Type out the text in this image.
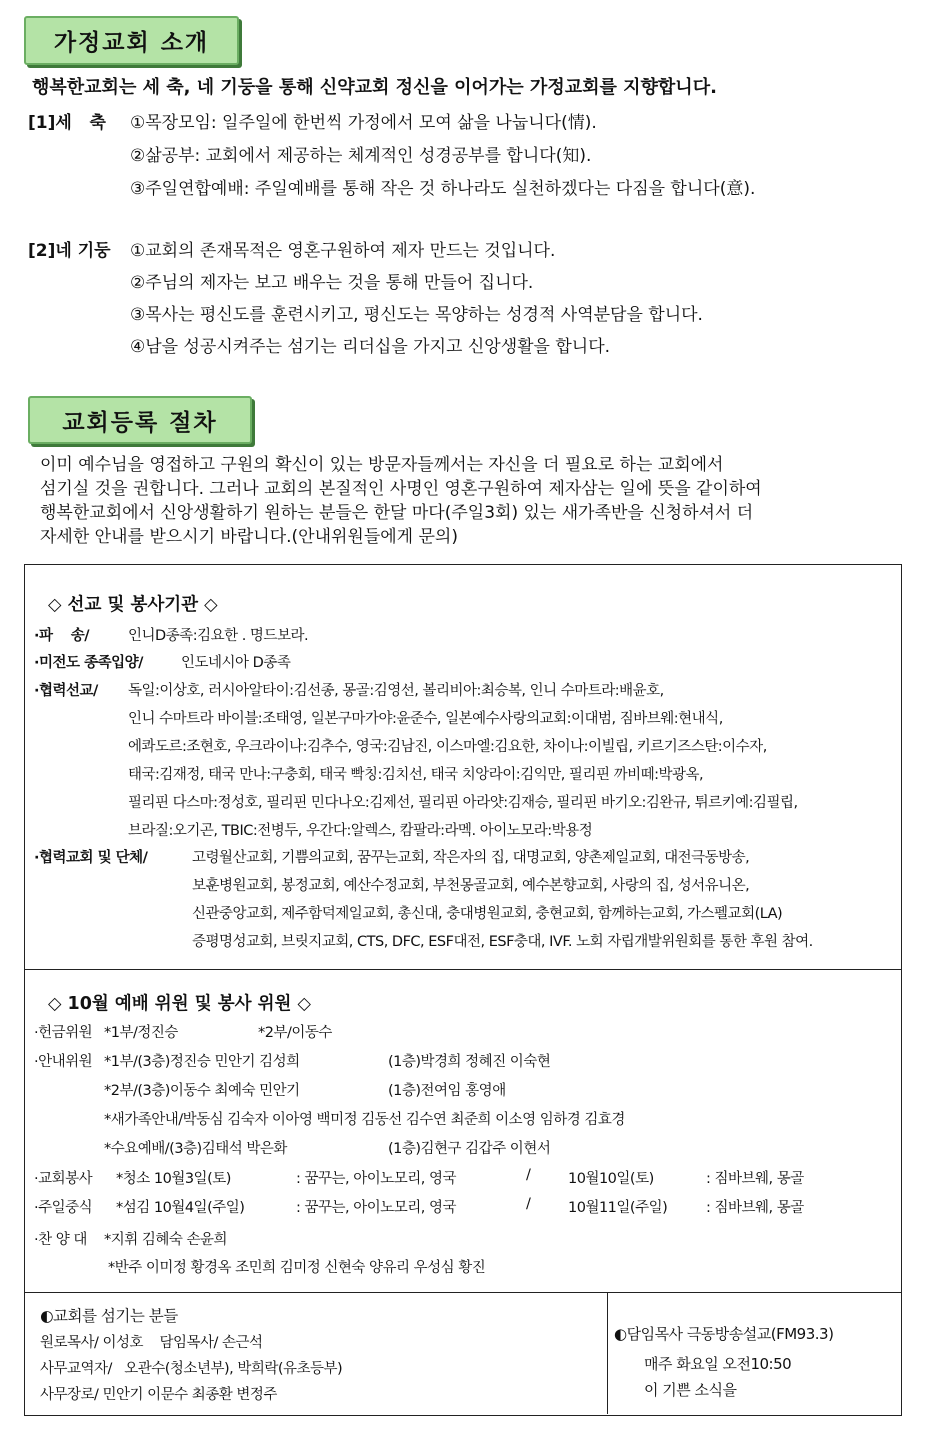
가정교회 소개
행복한교회는 세 축, 네 기둥을 통해 신약교회 정신을 이어가는 가정교회를 지향합니다.
[1]세   축 ①목장모임: 일주일에 한번씩 가정에서 모여 삶을 나눕니다(情).
②삶공부: 교회에서 제공하는 체계적인 성경공부를 합니다(知).
③주일연합예배: 주일예배를 통해 작은 것 하나라도 실천하겠다는 다짐을 합니다(意).
[2]네 기둥 ①교회의 존재목적은 영혼구원하여 제자 만드는 것입니다.
②주님의 제자는 보고 배우는 것을 통해 만들어 집니다.
③목사는 평신도를 훈련시키고, 평신도는 목양하는 성경적 사역분담을 합니다.
④남을 성공시켜주는 섬기는 리더십을 가지고 신앙생활을 합니다.
교회등록 절차
이미 예수님을 영접하고 구원의 확신이 있는 방문자들께서는 자신을 더 필요로 하는 교회에서
섬기실 것을 권합니다. 그러나 교회의 본질적인 사명인 영혼구원하여 제자삼는 일에 뜻을 같이하여
행복한교회에서 신앙생활하기 원하는 분들은 한달 마다(주일3회) 있는 새가족반을 신청하셔서 더
자세한 안내를 받으시기 바랍니다.(안내위원들에게 문의)
◇ 선교 및 봉사기관 ◇
·파    송/	인니D종족:김요한 . 명드보라.
·미전도 종족입양/	인도네시아 D종족
·협력선교/ 독일:이상호, 러시아알타이:김선종, 몽골:김영선, 볼리비아:최승복, 인니 수마트라:배윤호,
인니 수마트라 바이블:조태영, 일본구마가야:윤준수, 일본예수사랑의교회:이대범, 짐바브웨:현내식,
에콰도르:조현호, 우크라이나:김추수, 영국:김남진, 이스마엘:김요한, 차이나:이빌립, 키르기즈스탄:이수자,
태국:김재정, 태국 만나:구충회, 태국 빡칭:김치선, 태국 치앙라이:김익만, 필리핀 까비떼:박광옥,
필리핀 다스마:정성호, 필리핀 민다나오:김제선, 필리핀 아라얏:김재승, 필리핀 바기오:김완규, 튀르키예:김필립,
브라질:오기곤, TBIC:전병두, 우간다:알렉스, 캄팔라:라멕. 아이노모라:박용정
·협력교회 및 단체/	고령월산교회, 기쁨의교회, 꿈꾸는교회, 작은자의 집, 대명교회, 양촌제일교회, 대전극동방송,
보훈병원교회, 봉정교회, 예산수정교회, 부천몽골교회, 예수본향교회, 사랑의 집, 성서유니온,
신관중앙교회, 제주함덕제일교회, 총신대, 충대병원교회, 충현교회, 함께하는교회, 가스펠교회(LA)
증평명성교회, 브릿지교회, CTS, DFC, ESF대전, ESF충대, IVF. 노회 자립개발위원회를 통한 후원 참여.
◇ 10월 예배 위원 및 봉사 위원 ◇
·헌금위원 *1부/정진승	*2부/이동수
·안내위원 *1부/(3층)정진승 민안기 김성희	(1층)박경희 정혜진 이숙현
*2부/(3층)이동수 최예숙 민안기	(1층)전여임 홍영애
*새가족안내/박동심 김숙자 이아영 백미정 김동선 김수연 최준희 이소영 임하경 김효경
*수요예배/(3층)김태석 박은화	(1층)김현구 김갑주 이현서
·교회봉사 *청소 10월3일(토)	: 꿈꾸는, 아이노모리, 영국	/	10월10일(토)	: 짐바브웨, 몽골
·주일중식 *섬김 10월4일(주일)	: 꿈꾸는, 아이노모리, 영국	/	10월11일(주일)	: 짐바브웨, 몽골
·찬 양 대 *지휘 김혜숙 손윤희
*반주 이미정 황경옥 조민희 김미정 신현숙 양유리 우성심 황진
◐교회를 섬기는 분들
원로목사/ 이성호    담임목사/ 손근석
사무교역자/   오관수(청소년부), 박희락(유초등부)
사무장로/ 민안기 이문수 최종환 변정주
◐담임목사 극동방송설교(FM93.3)
매주 화요일 오전10:50
이 기쁜 소식을
